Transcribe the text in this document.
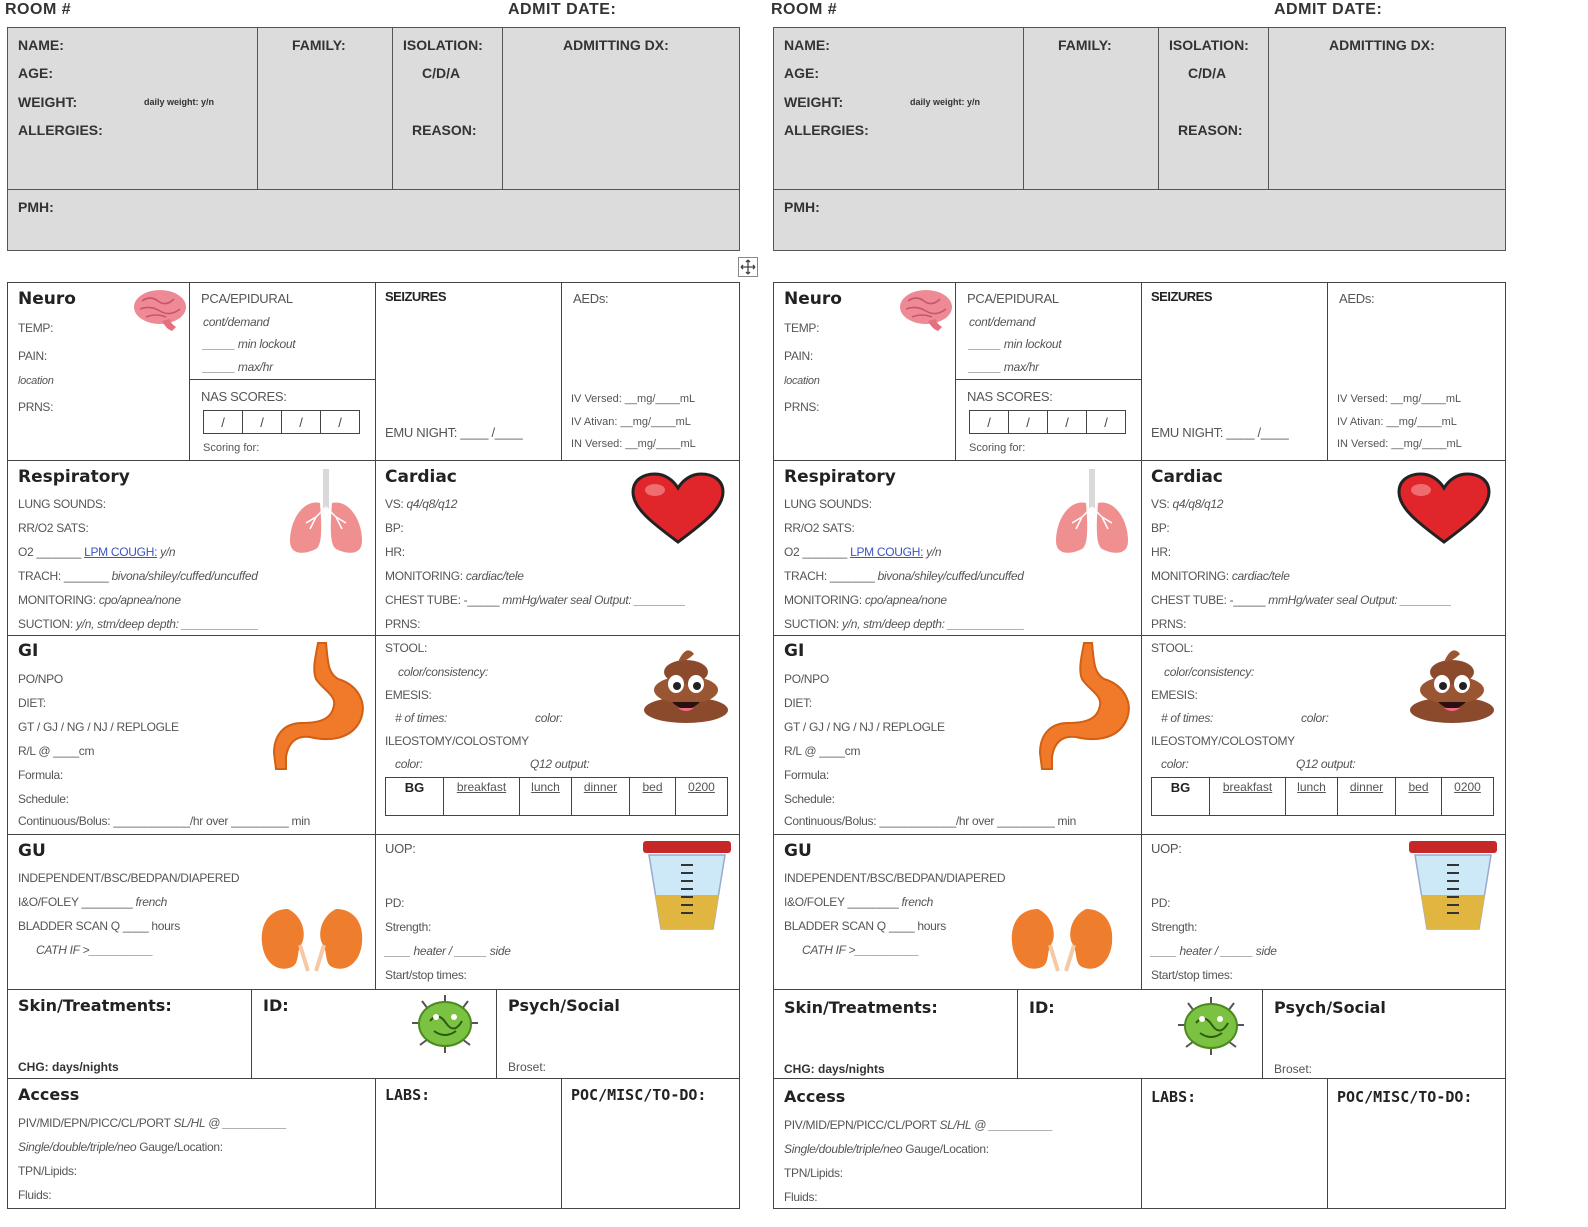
ROOM #	ADMIT DATE:
NAME:
AGE:
WEIGHT:	daily weight: y/n
ALLERGIES:
FAMILY:	ISOLATION:
C/D/A
REASON:
ADMITTING DX:
PMH:
Neuro
TEMP:
PAIN:
location
PRNS:
PCA/EPIDURAL
cont/demand
_____ min lockout
_____ max/hr
NAS SCORES:
/	/	/	/
Scoring for:
SEIZURES
EMU NIGHT: ____ /____
AEDs:
IV Versed: __mg/____mL
IV Ativan: __mg/____mL
IN Versed: __mg/____mL
Respiratory
LUNG SOUNDS:
RR/O2 SATS:
O2 _______ LPM COUGH: y/n
TRACH: _______ bivona/shiley/cuffed/uncuffed
MONITORING: cpo/apnea/none
SUCTION: y/n, stm/deep depth: ____________
Cardiac
VS: q4/q8/q12
BP:
HR:
MONITORING: cardiac/tele
CHEST TUBE: -_____ mmHg/water seal Output: ________
PRNS:
GI
PO/NPO
DIET:
GT / GJ / NG / NJ / REPLOGLE
R/L @ ____cm
Formula:
Schedule:
Continuous/Bolus: ____________/hr over _________ min
STOOL:
color/consistency:
EMESIS:
# of times:	color:
ILEOSTOMY/COLOSTOMY
color:	Q12 output:
BG	breakfast	lunch	dinner	bed	0200
GU
INDEPENDENT/BSC/BEDPAN/DIAPERED
I&O/FOLEY ________ french
BLADDER SCAN Q ____ hours
CATH IF >__________
UOP:
PD:
Strength:
____ heater / _____ side
Start/stop times:
Skin/Treatments:
CHG: days/nights
ID:	Psych/Social
Broset:
Access
PIV/MID/EPN/PICC/CL/PORT SL/HL @ __________
Single/double/triple/neo Gauge/Location:
TPN/Lipids:
Fluids:
LABS:	POC/MISC/TO-DO:
ROOM #	ADMIT DATE:
NAME:
AGE:
WEIGHT:	daily weight: y/n
ALLERGIES:
FAMILY:	ISOLATION:
C/D/A
REASON:
ADMITTING DX:
PMH:
Neuro
TEMP:
PAIN:
location
PRNS:
PCA/EPIDURAL
cont/demand
_____ min lockout
_____ max/hr
NAS SCORES:
/	/	/	/
Scoring for:
SEIZURES
EMU NIGHT: ____ /____
AEDs:
IV Versed: __mg/____mL
IV Ativan: __mg/____mL
IN Versed: __mg/____mL
Respiratory
LUNG SOUNDS:
RR/O2 SATS:
O2 _______ LPM COUGH: y/n
TRACH: _______ bivona/shiley/cuffed/uncuffed
MONITORING: cpo/apnea/none
SUCTION: y/n, stm/deep depth: ____________
Cardiac
VS: q4/q8/q12
BP:
HR:
MONITORING: cardiac/tele
CHEST TUBE: -_____ mmHg/water seal Output: ________
PRNS:
GI
PO/NPO
DIET:
GT / GJ / NG / NJ / REPLOGLE
R/L @ ____cm
Formula:
Schedule:
Continuous/Bolus: ____________/hr over _________ min
STOOL:
color/consistency:
EMESIS:
# of times:	color:
ILEOSTOMY/COLOSTOMY
color:	Q12 output:
BG	breakfast	lunch	dinner	bed	0200
GU
INDEPENDENT/BSC/BEDPAN/DIAPERED
I&O/FOLEY ________ french
BLADDER SCAN Q ____ hours
CATH IF >__________
UOP:
PD:
Strength:
____ heater / _____ side
Start/stop times:
Skin/Treatments:
CHG: days/nights
ID:	Psych/Social
Broset:
Access
PIV/MID/EPN/PICC/CL/PORT SL/HL @ __________
Single/double/triple/neo Gauge/Location:
TPN/Lipids:
Fluids:
LABS:	POC/MISC/TO-DO:
